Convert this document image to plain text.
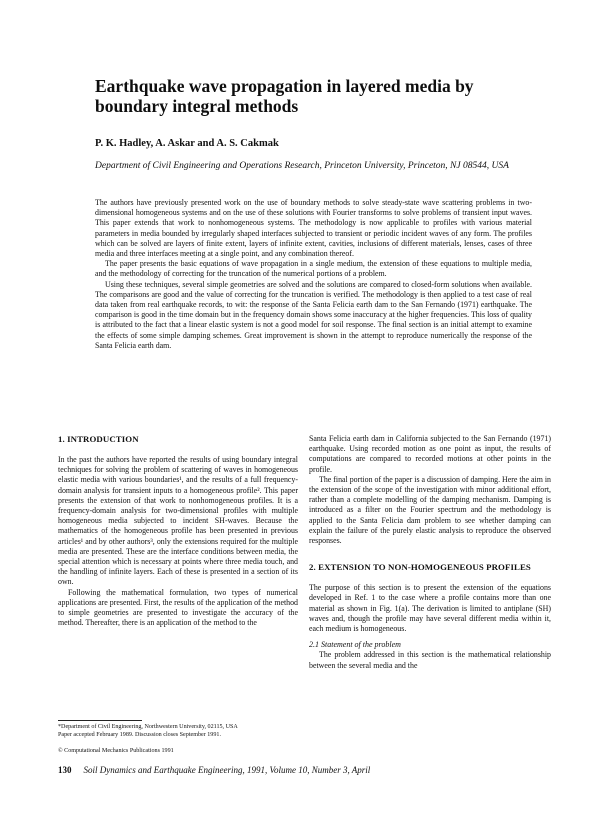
Earthquake wave propagation in layered media by boundary integral methods
P. K. Hadley, A. Askar and A. S. Cakmak
Department of Civil Engineering and Operations Research, Princeton University, Princeton, NJ 08544, USA

The authors have previously presented work on the use of boundary methods to solve steady-state wave scattering problems in two-dimensional homogeneous systems and on the use of these solutions with Fourier transforms to solve problems of transient input waves. This paper extends that work to nonhomogeneous systems. The methodology is now applicable to profiles with various material parameters in media bounded by irregularly shaped interfaces subjected to transient or periodic incident waves of any form. The profiles which can be solved are layers of finite extent, layers of infinite extent, cavities, inclusions of different materials, lenses, cases of three media and three interfaces meeting at a single point, and any combination thereof.

The paper presents the basic equations of wave propagation in a single medium, the extension of these equations to multiple media, and the methodology of correcting for the truncation of the numerical portions of a problem.

Using these techniques, several simple geometries are solved and the solutions are compared to closed-form solutions when available. The comparisons are good and the value of correcting for the truncation is verified. The methodology is then applied to a test case of real data taken from real earthquake records, to wit: the response of the Santa Felicia earth dam to the San Fernando (1971) earthquake. The comparison is good in the time domain but in the frequency domain shows some inaccuracy at the higher frequencies. This loss of quality is attributed to the fact that a linear elastic system is not a good model for soil response. The final section is an initial attempt to examine the effects of some simple damping schemes. Great improvement is shown in the attempt to reproduce numerically the response of the Santa Felicia earth dam.

1. INTRODUCTION

In the past the authors have reported the results of using boundary integral techniques for solving the problem of scattering of waves in homogeneous elastic media with various boundaries¹, and the results of a full frequency-domain analysis for transient inputs to a homogeneous profile². This paper presents the extension of that work to nonhomogeneous profiles. It is a frequency-domain analysis for two-dimensional profiles with multiple homogeneous media subjected to incident SH-waves. Because the mathematics of the homogeneous profile has been presented in previous articles¹ and by other authors³, only the extensions required for the multiple media are presented. These are the interface conditions between media, the special attention which is necessary at points where three media touch, and the handling of infinite layers. Each of these is presented in a section of its own.

Following the mathematical formulation, two types of numerical applications are presented. First, the results of the application of the method to simple geometries are presented to investigate the accuracy of the method. Thereafter, there is an application of the method to the

Santa Felicia earth dam in California subjected to the San Fernando (1971) earthquake. Using recorded motion as one point as input, the results of computations are compared to recorded motions at other points in the profile.

The final portion of the paper is a discussion of damping. Here the aim in the extension of the scope of the investigation with minor additional effort, rather than a complete modelling of the damping mechanism. Damping is introduced as a filter on the Fourier spectrum and the methodology is applied to the Santa Felicia dam problem to see whether damping can explain the failure of the purely elastic analysis to reproduce the observed responses.

2. EXTENSION TO NON-HOMOGENEOUS PROFILES

The purpose of this section is to present the extension of the equations developed in Ref. 1 to the case where a profile contains more than one material as shown in Fig. 1(a). The derivation is limited to antiplane (SH) waves and, though the profile may have several different media within it, each medium is homogeneous.

2.1 Statement of the problem

The problem addressed in this section is the mathematical relationship between the several media and the

*Department of Civil Engineering, Northwestern University, 02115, USA
Paper accepted February 1989. Discussion closes September 1991.
© Computational Mechanics Publications 1991
130 Soil Dynamics and Earthquake Engineering, 1991, Volume 10, Number 3, April
